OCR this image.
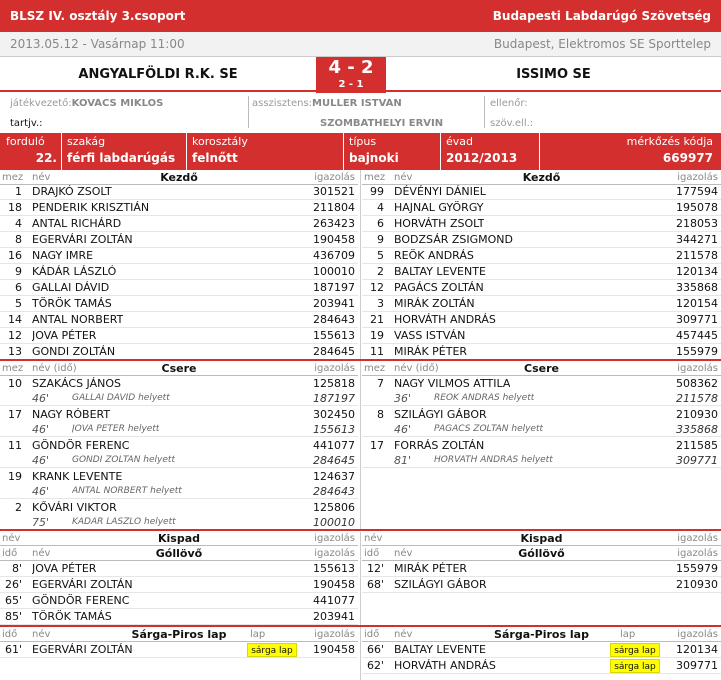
BLSZ IV. osztály 3.csoport	Budapesti Labdarúgó Szövetség
2013.05.12 - Vasárnap 11:00	Budapest, Elektromos SE Sporttelep
ANGYALFÖLDI R.K. SE	4 - 2
2 - 1
ISSIMO SE
játékvezető:KOVÁCS MIKLÓS
tartjv.:
asszisztens:MÜLLER ISTVÁN
SZOMBATHELYI ERVIN
ellenőr:
szöv.ell.:
forduló
22.
szakág
férfi labdarúgás
korosztály
felnőtt
típus
bajnoki
évad
2012/2013
mérkőzés kódja
669977
mez név	Kezdő	igazolás mez név	Kezdő	igazolás
1 DRAJKÓ ZSOLT	301521
18 PENDERIK KRISZTIÁN	211804
4 ANTAL RICHÁRD	263423
8 EGERVÁRI ZOLTÁN	190458
16 NAGY IMRE	436709
9 KÁDÁR LÁSZLÓ	100010
6 GALLAI DÁVID	187197
5 TÖRÖK TAMÁS	203941
14 ANTAL NORBERT	284643
12 JOVA PÉTER	155613
13 GONDI ZOLTÁN	284645
99 DÉVÉNYI DÁNIEL	177594
4 HAJNAL GYÖRGY	195078
6 HORVÁTH ZSOLT	218053
9 BODZSÁR ZSIGMOND	344271
5 REÖK ANDRÁS	211578
2 BALTAY LEVENTE	120134
12 PAGÁCS ZOLTÁN	335868
3 MIRÁK ZOLTÁN	120154
21 HORVÁTH ANDRÁS	309771
19 VASS ISTVÁN	457445
11 MIRÁK PÉTER	155979
mez név (idő)	Csere	igazolás mez név (idő)	Csere	igazolás
10 SZAKÁCS JÁNOS	125818
46'	GALLAI DÁVID helyett	187197
17 NAGY RÓBERT	302450
46'	JOVA PÉTER helyett	155613
11 GÖNDÖR FERENC	441077
46'	GONDI ZOLTÁN helyett	284645
19 KRANK LEVENTE	124637
46'	ANTAL NORBERT helyett	284643
2 KŐVÁRI VIKTOR	125806
75'	KÁDÁR LÁSZLÓ helyett	100010
7 NAGY VILMOS ATTILA	508362
36'	REÖK ANDRÁS helyett	211578
8 SZILÁGYI GÁBOR	210930
46'	PAGÁCS ZOLTÁN helyett	335868
17 FORRÁS ZOLTÁN	211585
81'	HORVÁTH ANDRÁS helyett	309771
név	Kispad	igazolás név	Kispad	igazolás
idő név	Góllövő	igazolás idő név	Góllövő	igazolás
8' JOVA PÉTER	155613
26' EGERVÁRI ZOLTÁN	190458
65' GÖNDÖR FERENC	441077
85' TÖRÖK TAMÁS	203941
12' MIRÁK PÉTER	155979
68' SZILÁGYI GÁBOR	210930
idő név	lap
Sárga-Piros lap	igazolás idő név	lap
Sárga-Piros lap	igazolás
61' EGERVÁRI ZOLTÁN	sárga lap	190458	66' BALTAY LEVENTE	sárga lap	120134
62' HORVÁTH ANDRÁS	sárga lap	309771
